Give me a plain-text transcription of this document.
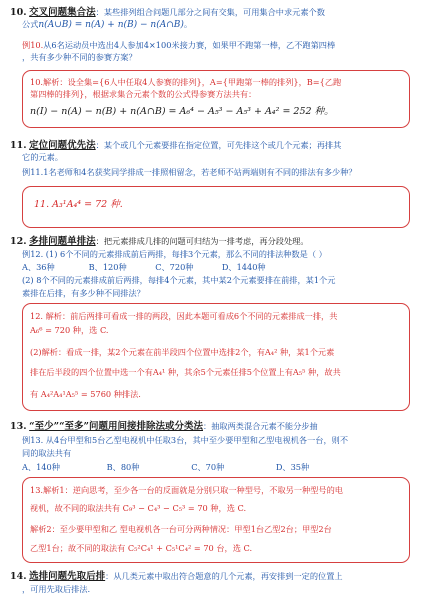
10. 交叉问题集合法：某些排列组合问题几部分之间有交集，可用集合中求元素个数
公式n(A∪B) = n(A) + n(B) − n(A∩B)。
例10.从6名运动员中选出4人参加4×100米接力赛，如果甲不跑第一棒，乙不跑第四棒
，共有多少种不同的参赛方案？
10.解析：设全集={6人中任取4人参赛的排列}，A={甲跑第一棒的排列}，B={乙跑
第四棒的排列}，根据求集合元素个数的公式得参赛方法共有：
n(I) − n(A) − n(B) + n(A∩B) = A₆⁴ − A₅³ − A₅³ + A₄² = 252 种。
11. 定位问题优先法：某个或几个元素要排在指定位置，可先排这个或几个元素；再排其
它的元素。
例11.1名老师和4名获奖同学排成一排照相留念，若老师不站两端则有不同的排法有多少种？
11. A₃¹A₄⁴ = 72 种.
12. 多排问题单排法：把元素排成几排的问题可归结为一排考虑，再分段处理。
例12. (1) 6个不同的元素排成前后两排，每排3个元素，那么不同的排法种数是（ ）
A、36种	B、120种	C、720种	D、1440种
(2) 8个不同的元素排成前后两排，每排4个元素，其中某2个元素要排在前排，某1个元
素排在后排，有多少种不同排法？
12. 解析：前后两排可看成一排的两段，因此本题可看成6个不同的元素排成一排，共
A₆⁶ = 720 种，选 C.
(2)解析：看成一排，某2个元素在前半段四个位置中选排2个，有A₄² 种，某1个元素
排在后半段的四个位置中选一个有A₄¹ 种，其余5个元素任排5个位置上有A₅⁵ 种，故共
有 A₄²A₄¹A₅⁵ = 5760 种排法.
13. “至少”“至多”问题用间接排除法或分类法：抽取两类混合元素不能分步抽
例13. 从4台甲型和5台乙型电视机中任取3台，其中至少要甲型和乙型电视机各一台，则不
同的取法共有
A、140种	B、80种	C、70种	D、35种
13.解析1：逆向思考，至少各一台的反面就是分别只取一种型号，不取另一种型号的电
视机，故不同的取法共有 C₉³ − C₄³ − C₅³ = 70 种，选 C.
解析2：至少要甲型和乙 型电视机各一台可分两种情况：甲型1台乙型2台；甲型2台
乙型1台；故不同的取法有 C₅²C₄¹ + C₅¹C₄² = 70 台，选 C.
14. 选排问题先取后排：从几类元素中取出符合题意的几个元素，再安排到一定的位置上
，可用先取后排法.
